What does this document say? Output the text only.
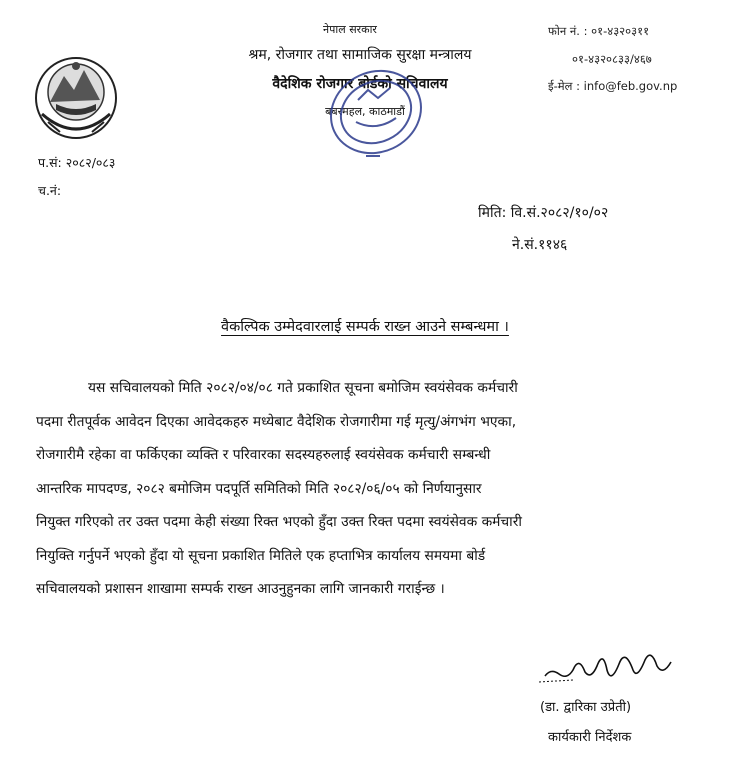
नेपाल सरकार
श्रम, रोजगार तथा सामाजिक सुरक्षा मन्त्रालय
वैदेशिक रोजगार बोर्डको सचिवालय
बबरमहल, काठमाडौं
फोन नं. : ०१-४३२०३११
०१-४३२०८३३/४६७
ई-मेल : info@feb.gov.np
प.सं: २०८२/०८३
च.नं:
मिति: वि.सं.२०८२/१०/०२
ने.सं.११४६
वैकल्पिक उम्मेदवारलाई सम्पर्क राख्न आउने सम्बन्धमा ।
यस सचिवालयको मिति २०८२/०४/०८ गते प्रकाशित सूचना बमोजिम स्वयंसेवक कर्मचारी
पदमा रीतपूर्वक आवेदन दिएका आवेदकहरु मध्येबाट वैदेशिक रोजगारीमा गई मृत्यु/अंगभंग भएका,
रोजगारीमै रहेका वा फर्किएका व्यक्ति र परिवारका सदस्यहरुलाई स्वयंसेवक कर्मचारी सम्बन्धी
आन्तरिक मापदण्ड, २०८२ बमोजिम पदपूर्ति समितिको मिति २०८२/०६/०५ को निर्णयानुसार
नियुक्त गरिएको तर उक्त पदमा केही संख्या रिक्त भएको हुँदा उक्त रिक्त पदमा स्वयंसेवक कर्मचारी
नियुक्ति गर्नुपर्ने भएको हुँदा यो सूचना प्रकाशित मितिले एक हप्ताभित्र कार्यालय समयमा बोर्ड
सचिवालयको प्रशासन शाखामा सम्पर्क राख्न आउनुहुनका लागि जानकारी गराईन्छ ।
(डा. द्वारिका उप्रेती)
कार्यकारी निर्देशक
